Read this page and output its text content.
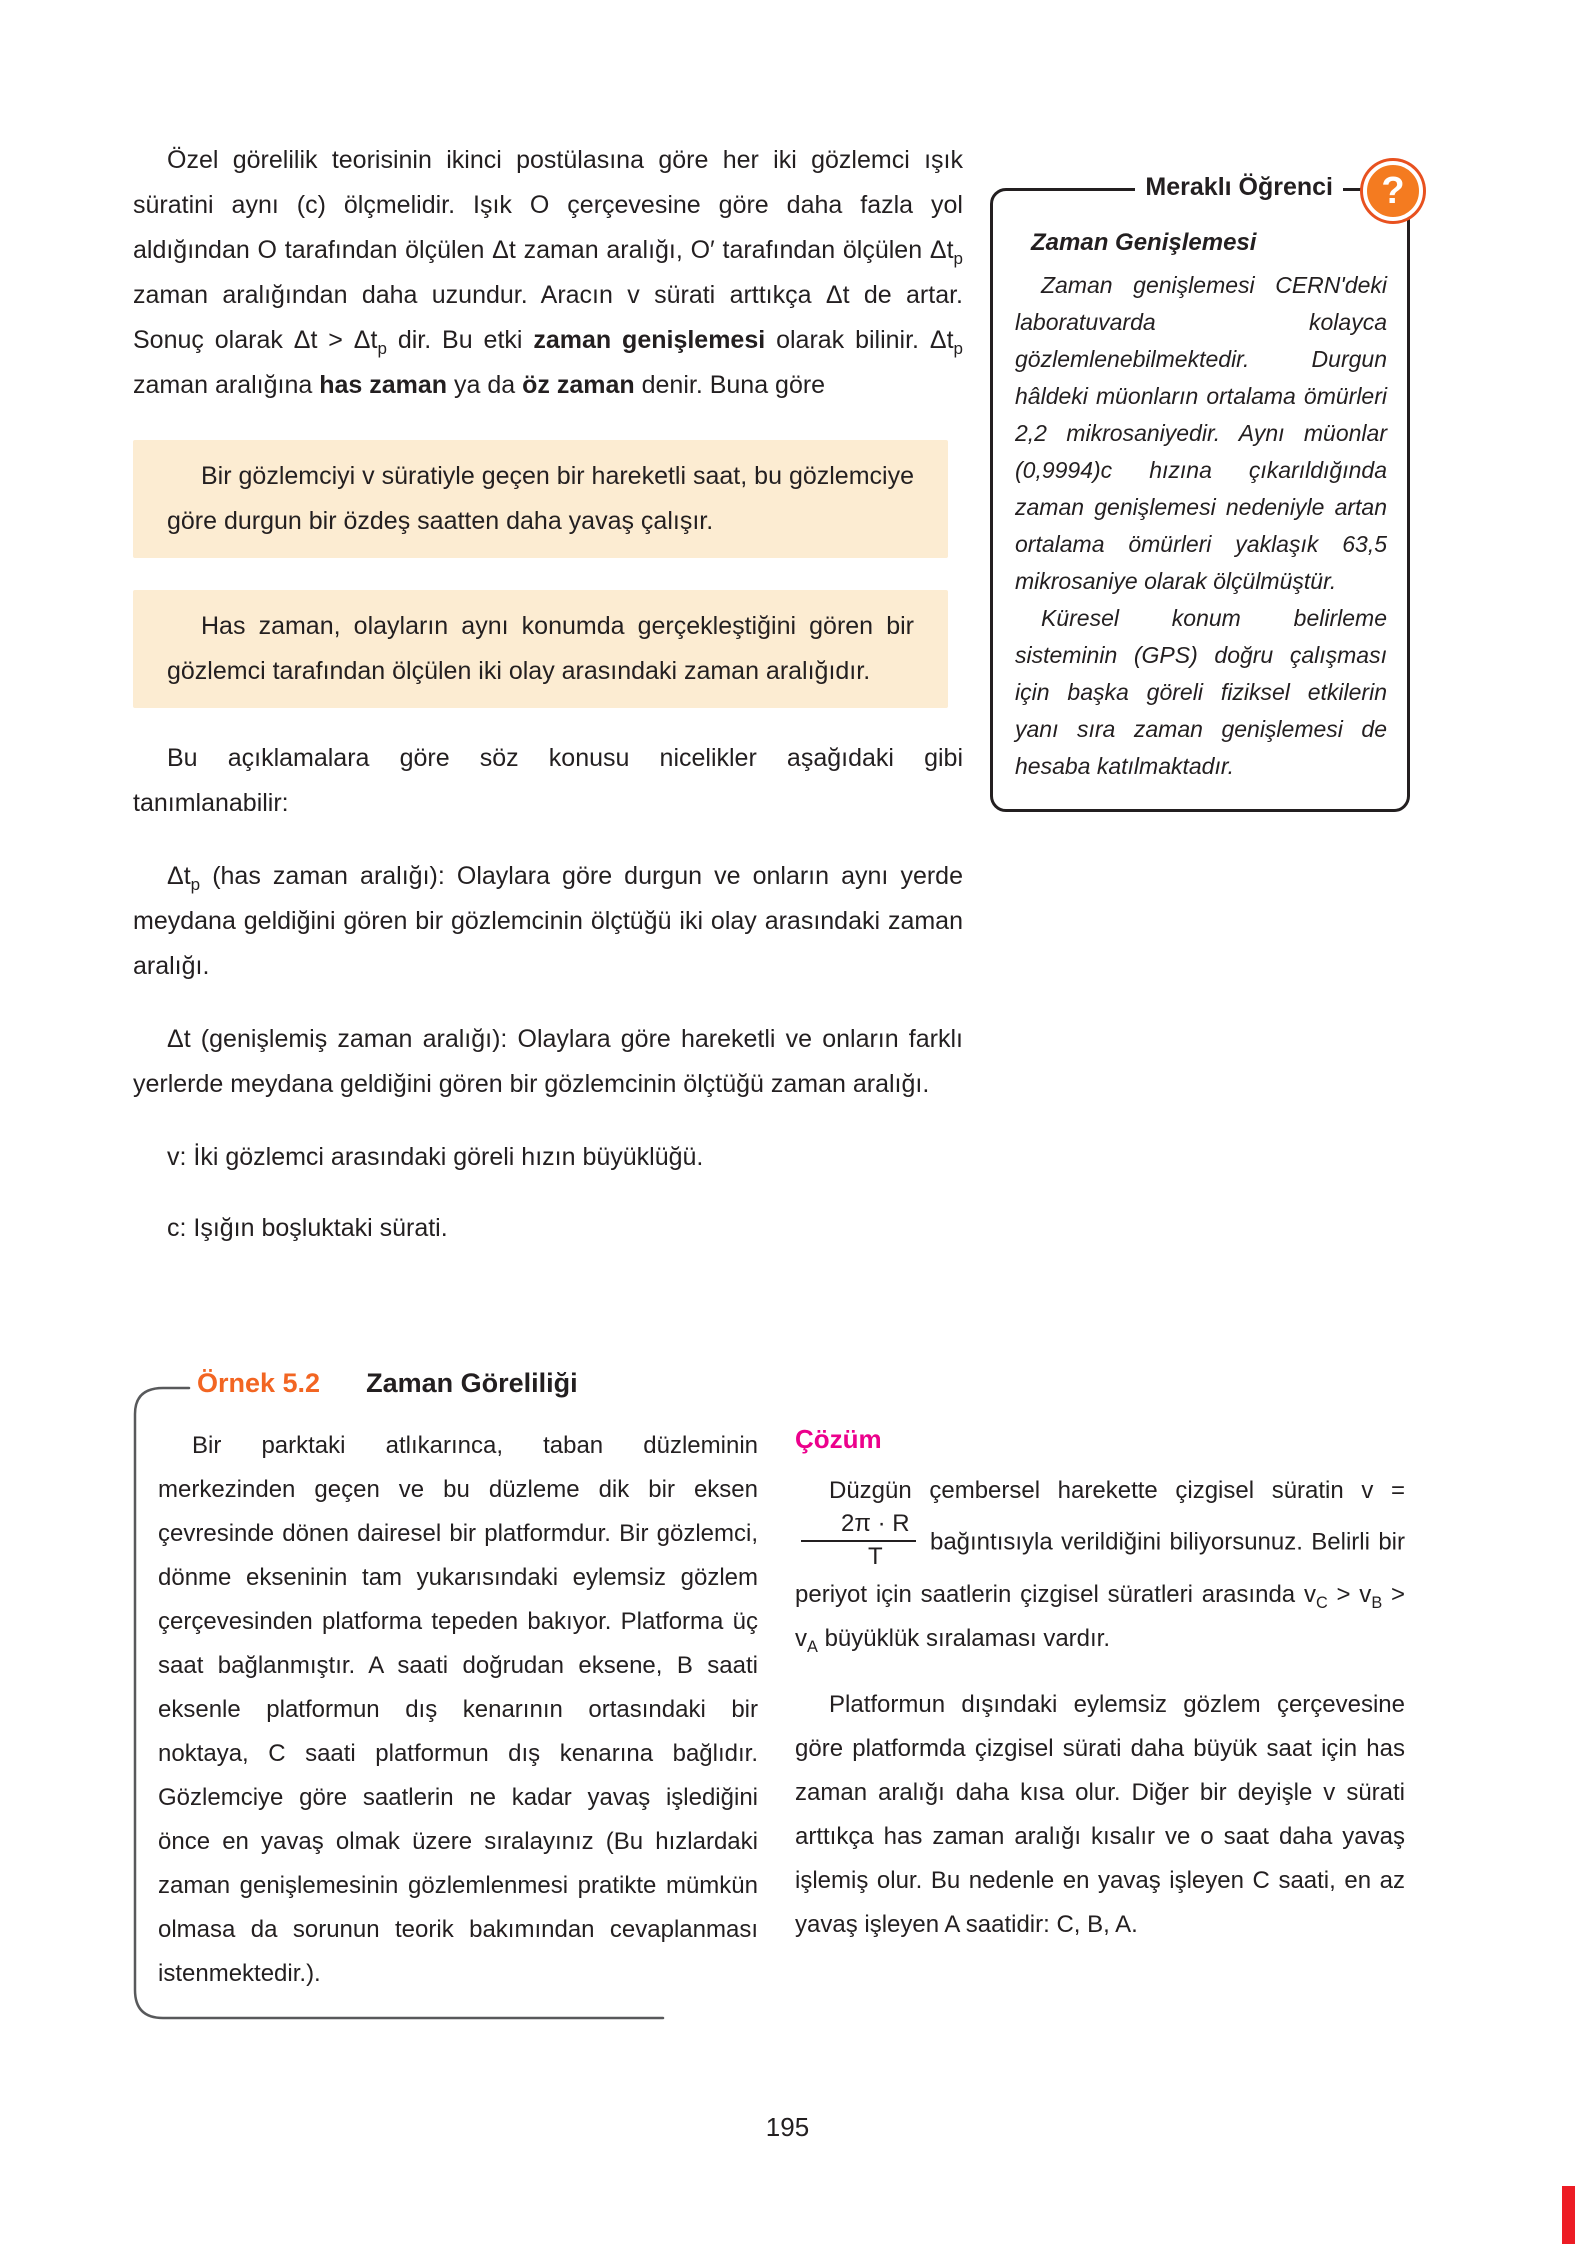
Özel görelilik teorisinin ikinci postülasına göre her iki gözlemci ışık süratini aynı (c) ölçmelidir. Işık O çerçevesine göre daha fazla yol aldığından O tarafından ölçülen Δt zaman aralığı, O′ tarafından ölçülen $\Delta t_p$ zaman aralığından daha uzundur. Aracın v sürati arttıkça Δt de artar. Sonuç olarak $\Delta t > \Delta t_p$ dir. Bu etki zaman genişlemesi olarak bilinir. $\Delta t_p$ zaman aralığına has zaman ya da öz zaman denir. Buna göre

Bir gözlemciyi v süratiyle geçen bir hareketli saat, bu gözlemciye göre durgun bir özdeş saatten daha yavaş çalışır.

Has zaman, olayların aynı konumda gerçekleştiğini gören bir gözlemci tarafından ölçülen iki olay arasındaki zaman aralığıdır.

Bu açıklamalara göre söz konusu nicelikler aşağıdaki gibi tanımlanabilir:

$\Delta t_p$ (has zaman aralığı): Olaylara göre durgun ve onların aynı yerde meydana geldiğini gören bir gözlemcinin ölçtüğü iki olay arasındaki zaman aralığı.

Δt (genişlemiş zaman aralığı): Olaylara göre hareketli ve onların farklı yerlerde meydana geldiğini gören bir gözlemcinin ölçtüğü zaman aralığı.

v: İki gözlemci arasındaki göreli hızın büyüklüğü.

c: Işığın boşluktaki sürati.

Meraklı Öğrenci	?
Zaman Genişlemesi

Zaman genişlemesi CERN'deki laboratuvarda kolayca gözlemlenebilmektedir. Durgun hâldeki müonların ortalama ömürleri 2,2 mikrosaniyedir. Aynı müonlar (0,9994)c hızına çıkarıldığında zaman genişlemesi nedeniyle artan ortalama ömürleri yaklaşık 63,5 mikrosaniye olarak ölçülmüştür.

Küresel konum belirleme sisteminin (GPS) doğru çalışması için başka göreli fiziksel etkilerin yanı sıra zaman genişlemesi de hesaba katılmaktadır.

Örnek 5.2 Zaman Göreliliği

Bir parktaki atlıkarınca, taban düzleminin merkezinden geçen ve bu düzleme dik bir eksen çevresinde dönen dairesel bir platformdur. Bir gözlemci, dönme ekseninin tam yukarısındaki eylemsiz gözlem çerçevesinden platforma tepeden bakıyor. Platforma üç saat bağlanmıştır. A saati doğrudan eksene, B saati eksenle platformun dış kenarının ortasındaki bir noktaya, C saati platformun dış kenarına bağlıdır. Gözlemciye göre saatlerin ne kadar yavaş işlediğini önce en yavaş olmak üzere sıralayınız (Bu hızlardaki zaman genişlemesinin gözlemlenmesi pratikte mümkün olmasa da sorunun teorik bakımından cevaplanması istenmektedir.).

Çözüm

Düzgün çembersel harekette çizgisel süratin v =
$\frac{2\pi \cdot R}{T}$ bağıntısıyla verildiğini biliyorsunuz. Belirli bir periyot için saatlerin çizgisel süratleri arasında $v_C > v_B > v_A$ büyüklük sıralaması vardır.

Platformun dışındaki eylemsiz gözlem çerçevesine göre platformda çizgisel sürati daha büyük saat için has zaman aralığı daha kısa olur. Diğer bir deyişle v sürati arttıkça has zaman aralığı kısalır ve o saat daha yavaş işlemiş olur. Bu nedenle en yavaş işleyen C saati, en az yavaş işleyen A saatidir: C, B, A.

195
